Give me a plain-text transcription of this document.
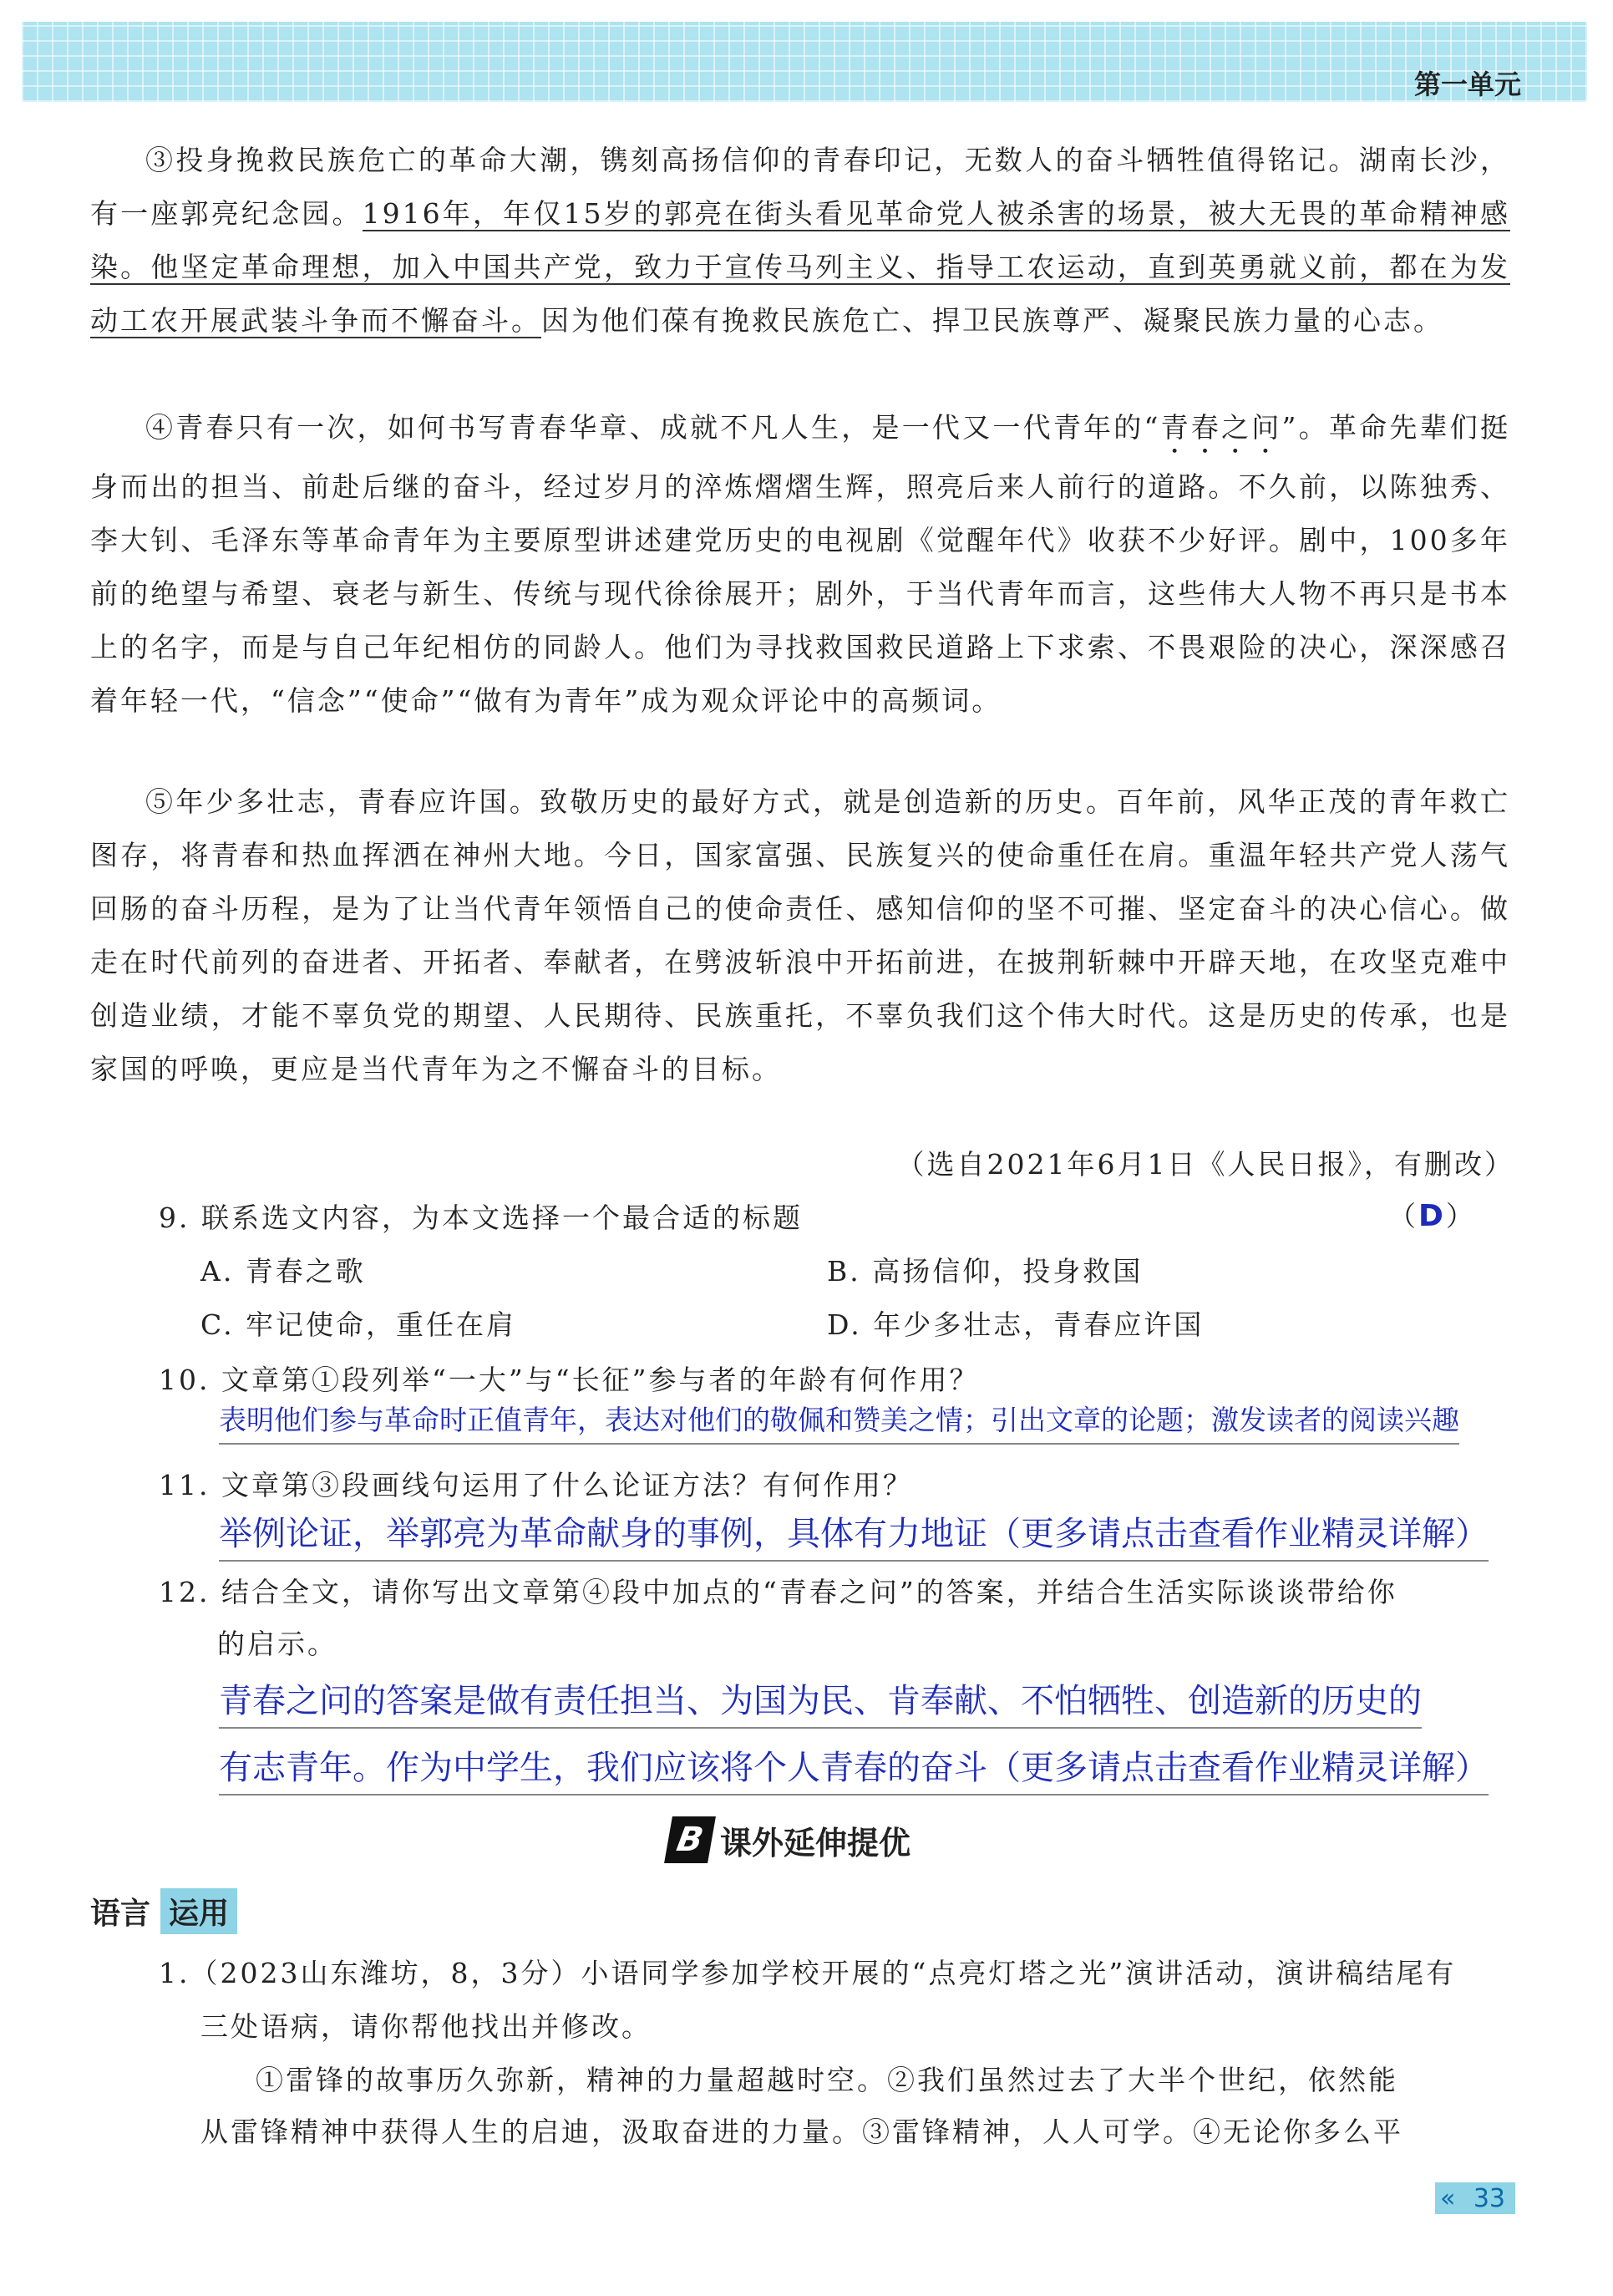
第一单元
③投身挽救民族危亡的革命大潮，镌刻高扬信仰的青春印记，无数人的奋斗牺牲值得铭记。湖南长沙，有一座郭亮纪念园。1916年，年仅15岁的郭亮在街头看见革命党人被杀害的场景，被大无畏的革命精神感染。他坚定革命理想，加入中国共产党，致力于宣传马列主义、指导工农运动，直到英勇就义前，都在为发动工农开展武装斗争而不懈奋斗。因为他们葆有挽救民族危亡、捍卫民族尊严、凝聚民族力量的心志。
④青春只有一次，如何书写青春华章、成就不凡人生，是一代又一代青年的“青春之问”。革命先辈们挺身而出的担当、前赴后继的奋斗，经过岁月的淬炼熠熠生辉，照亮后来人前行的道路。不久前，以陈独秀、李大钊、毛泽东等革命青年为主要原型讲述建党历史的电视剧《觉醒年代》收获不少好评。剧中，100多年前的绝望与希望、衰老与新生、传统与现代徐徐展开；剧外，于当代青年而言，这些伟大人物不再只是书本上的名字，而是与自己年纪相仿的同龄人。他们为寻找救国救民道路上下求索、不畏艰险的决心，深深感召着年轻一代，“信念”“使命”“做有为青年”成为观众评论中的高频词。
⑤年少多壮志，青春应许国。致敬历史的最好方式，就是创造新的历史。百年前，风华正茂的青年救亡图存，将青春和热血挥洒在神州大地。今日，国家富强、民族复兴的使命重任在肩。重温年轻共产党人荡气回肠的奋斗历程，是为了让当代青年领悟自己的使命责任、感知信仰的坚不可摧、坚定奋斗的决心信心。做走在时代前列的奋进者、开拓者、奉献者，在劈波斩浪中开拓前进，在披荆斩棘中开辟天地，在攻坚克难中创造业绩，才能不辜负党的期望、人民期待、民族重托，不辜负我们这个伟大时代。这是历史的传承，也是家国的呼唤，更应是当代青年为之不懈奋斗的目标。
（选自2021年6月1日《人民日报》，有删改）
9. 联系选文内容，为本文选择一个最合适的标题	（D）
A. 青春之歌	B. 高扬信仰，投身救国
C. 牢记使命，重任在肩	D. 年少多壮志，青春应许国
10. 文章第①段列举“一大”与“长征”参与者的年龄有何作用？
表明他们参与革命时正值青年，表达对他们的敬佩和赞美之情；引出文章的论题；激发读者的阅读兴趣
11. 文章第③段画线句运用了什么论证方法？有何作用？
举例论证，举郭亮为革命献身的事例，具体有力地证（更多请点击查看作业精灵详解）
12. 结合全文，请你写出文章第④段中加点的“青春之问”的答案，并结合生活实际谈谈带给你
的启示。
青春之问的答案是做有责任担当、为国为民、肯奉献、不怕牺牲、创造新的历史的
有志青年。作为中学生，我们应该将个人青春的奋斗（更多请点击查看作业精灵详解）
B 课外延伸提优
语言 运用
1.（2023山东潍坊，8，3分）小语同学参加学校开展的“点亮灯塔之光”演讲活动，演讲稿结尾有
三处语病，请你帮他找出并修改。
①雷锋的故事历久弥新，精神的力量超越时空。②我们虽然过去了大半个世纪，依然能
从雷锋精神中获得人生的启迪，汲取奋进的力量。③雷锋精神，人人可学。④无论你多么平
« 33
